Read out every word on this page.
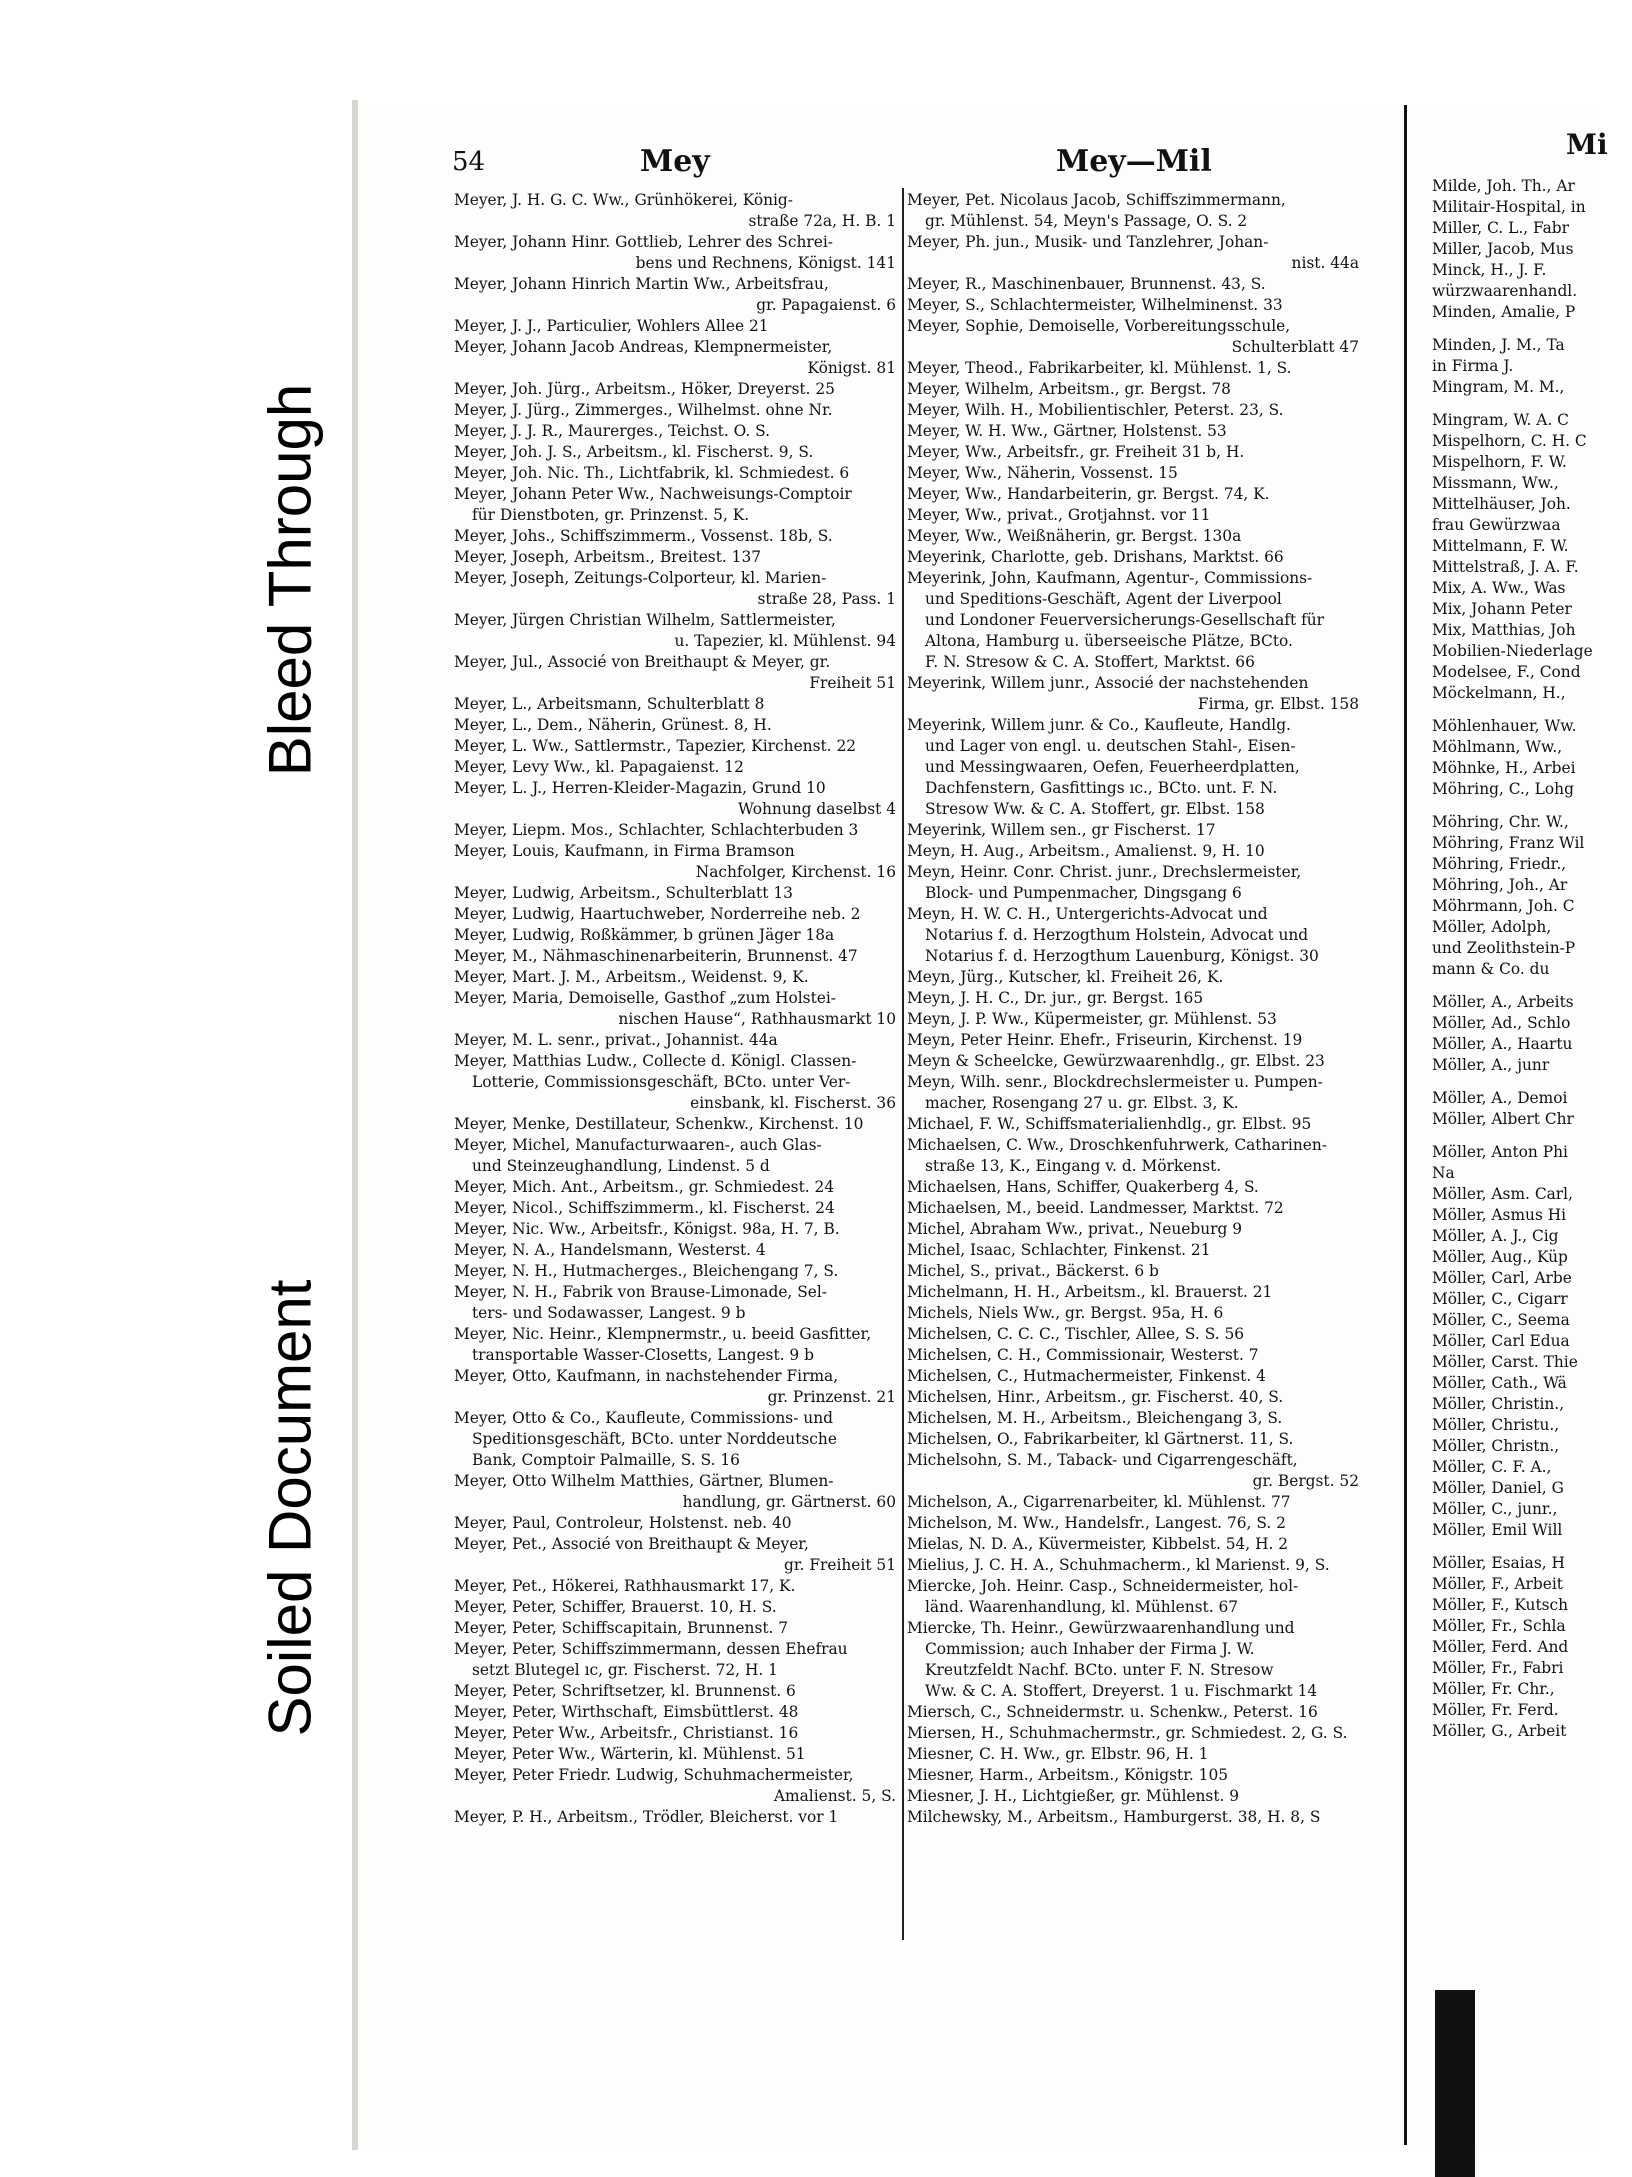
Bleed Through
Soiled Document
54	Mey	Mey—Mil	Mi
Meyer, J. H. G. C. Ww., Grünhökerei, König-
straße 72a, H. B. 1
Meyer, Johann Hinr. Gottlieb, Lehrer des Schrei-
bens und Rechnens, Königst. 141
Meyer, Johann Hinrich Martin Ww., Arbeitsfrau,
gr. Papagaienst. 6
Meyer, J. J., Particulier, Wohlers Allee 21
Meyer, Johann Jacob Andreas, Klempnermeister,
Königst. 81
Meyer, Joh. Jürg., Arbeitsm., Höker, Dreyerst. 25
Meyer, J. Jürg., Zimmerges., Wilhelmst. ohne Nr.
Meyer, J. J. R., Maurerges., Teichst. O. S.
Meyer, Joh. J. S., Arbeitsm., kl. Fischerst. 9, S.
Meyer, Joh. Nic. Th., Lichtfabrik, kl. Schmiedest. 6
Meyer, Johann Peter Ww., Nachweisungs-Comptoir
für Dienstboten, gr. Prinzenst. 5, K.
Meyer, Johs., Schiffszimmerm., Vossenst. 18b, S.
Meyer, Joseph, Arbeitsm., Breitest. 137
Meyer, Joseph, Zeitungs-Colporteur, kl. Marien-
straße 28, Pass. 1
Meyer, Jürgen Christian Wilhelm, Sattlermeister,
u. Tapezier, kl. Mühlenst. 94
Meyer, Jul., Associé von Breithaupt & Meyer, gr.
Freiheit 51
Meyer, L., Arbeitsmann, Schulterblatt 8
Meyer, L., Dem., Näherin, Grünest. 8, H.
Meyer, L. Ww., Sattlermstr., Tapezier, Kirchenst. 22
Meyer, Levy Ww., kl. Papagaienst. 12
Meyer, L. J., Herren-Kleider-Magazin, Grund 10
Wohnung daselbst 4
Meyer, Liepm. Mos., Schlachter, Schlachterbuden 3
Meyer, Louis, Kaufmann, in Firma Bramson
Nachfolger, Kirchenst. 16
Meyer, Ludwig, Arbeitsm., Schulterblatt 13
Meyer, Ludwig, Haartuchweber, Norderreihe neb. 2
Meyer, Ludwig, Roßkämmer, b grünen Jäger 18a
Meyer, M., Nähmaschinenarbeiterin, Brunnenst. 47
Meyer, Mart. J. M., Arbeitsm., Weidenst. 9, K.
Meyer, Maria, Demoiselle, Gasthof „zum Holstei-
nischen Hause“, Rathhausmarkt 10
Meyer, M. L. senr., privat., Johannist. 44a
Meyer, Matthias Ludw., Collecte d. Königl. Classen-
Lotterie, Commissionsgeschäft, BCto. unter Ver-
einsbank, kl. Fischerst. 36
Meyer, Menke, Destillateur, Schenkw., Kirchenst. 10
Meyer, Michel, Manufacturwaaren-, auch Glas-
und Steinzeughandlung, Lindenst. 5 d
Meyer, Mich. Ant., Arbeitsm., gr. Schmiedest. 24
Meyer, Nicol., Schiffszimmerm., kl. Fischerst. 24
Meyer, Nic. Ww., Arbeitsfr., Königst. 98a, H. 7, B.
Meyer, N. A., Handelsmann, Westerst. 4
Meyer, N. H., Hutmacherges., Bleichengang 7, S.
Meyer, N. H., Fabrik von Brause-Limonade, Sel-
ters- und Sodawasser, Langest. 9 b
Meyer, Nic. Heinr., Klempnermstr., u. beeid Gasfitter,
transportable Wasser-Closetts, Langest. 9 b
Meyer, Otto, Kaufmann, in nachstehender Firma,
gr. Prinzenst. 21
Meyer, Otto & Co., Kaufleute, Commissions- und
Speditionsgeschäft, BCto. unter Norddeutsche
Bank, Comptoir Palmaille, S. S. 16
Meyer, Otto Wilhelm Matthies, Gärtner, Blumen-
handlung, gr. Gärtnerst. 60
Meyer, Paul, Controleur, Holstenst. neb. 40
Meyer, Pet., Associé von Breithaupt & Meyer,
gr. Freiheit 51
Meyer, Pet., Hökerei, Rathhausmarkt 17, K.
Meyer, Peter, Schiffer, Brauerst. 10, H. S.
Meyer, Peter, Schiffscapitain, Brunnenst. 7
Meyer, Peter, Schiffszimmermann, dessen Ehefrau
setzt Blutegel ıc, gr. Fischerst. 72, H. 1
Meyer, Peter, Schriftsetzer, kl. Brunnenst. 6
Meyer, Peter, Wirthschaft, Eimsbüttlerst. 48
Meyer, Peter Ww., Arbeitsfr., Christianst. 16
Meyer, Peter Ww., Wärterin, kl. Mühlenst. 51
Meyer, Peter Friedr. Ludwig, Schuhmachermeister,
Amalienst. 5, S.
Meyer, P. H., Arbeitsm., Trödler, Bleicherst. vor 1
Meyer, Pet. Nicolaus Jacob, Schiffszimmermann,
gr. Mühlenst. 54, Meyn's Passage, O. S. 2
Meyer, Ph. jun., Musik- und Tanzlehrer, Johan-
nist. 44a
Meyer, R., Maschinenbauer, Brunnenst. 43, S.
Meyer, S., Schlachtermeister, Wilhelminenst. 33
Meyer, Sophie, Demoiselle, Vorbereitungsschule,
Schulterblatt 47
Meyer, Theod., Fabrikarbeiter, kl. Mühlenst. 1, S.
Meyer, Wilhelm, Arbeitsm., gr. Bergst. 78
Meyer, Wilh. H., Mobilientischler, Peterst. 23, S.
Meyer, W. H. Ww., Gärtner, Holstenst. 53
Meyer, Ww., Arbeitsfr., gr. Freiheit 31 b, H.
Meyer, Ww., Näherin, Vossenst. 15
Meyer, Ww., Handarbeiterin, gr. Bergst. 74, K.
Meyer, Ww., privat., Grotjahnst. vor 11
Meyer, Ww., Weißnäherin, gr. Bergst. 130a
Meyerink, Charlotte, geb. Drishans, Marktst. 66
Meyerink, John, Kaufmann, Agentur-, Commissions-
und Speditions-Geschäft, Agent der Liverpool
und Londoner Feuerversicherungs-Gesellschaft für
Altona, Hamburg u. überseeische Plätze, BCto.
F. N. Stresow & C. A. Stoffert, Marktst. 66
Meyerink, Willem junr., Associé der nachstehenden
Firma, gr. Elbst. 158
Meyerink, Willem junr. & Co., Kaufleute, Handlg.
und Lager von engl. u. deutschen Stahl-, Eisen-
und Messingwaaren, Oefen, Feuerheerdplatten,
Dachfenstern, Gasfittings ıc., BCto. unt. F. N.
Stresow Ww. & C. A. Stoffert, gr. Elbst. 158
Meyerink, Willem sen., gr Fischerst. 17
Meyn, H. Aug., Arbeitsm., Amalienst. 9, H. 10
Meyn, Heinr. Conr. Christ. junr., Drechslermeister,
Block- und Pumpenmacher, Dingsgang 6
Meyn, H. W. C. H., Untergerichts-Advocat und
Notarius f. d. Herzogthum Holstein, Advocat und
Notarius f. d. Herzogthum Lauenburg, Königst. 30
Meyn, Jürg., Kutscher, kl. Freiheit 26, K.
Meyn, J. H. C., Dr. jur., gr. Bergst. 165
Meyn, J. P. Ww., Küpermeister, gr. Mühlenst. 53
Meyn, Peter Heinr. Ehefr., Friseurin, Kirchenst. 19
Meyn & Scheelcke, Gewürzwaarenhdlg., gr. Elbst. 23
Meyn, Wilh. senr., Blockdrechslermeister u. Pumpen-
macher, Rosengang 27 u. gr. Elbst. 3, K.
Michael, F. W., Schiffsmaterialienhdlg., gr. Elbst. 95
Michaelsen, C. Ww., Droschkenfuhrwerk, Catharinen-
straße 13, K., Eingang v. d. Mörkenst.
Michaelsen, Hans, Schiffer, Quakerberg 4, S.
Michaelsen, M., beeid. Landmesser, Marktst. 72
Michel, Abraham Ww., privat., Neueburg 9
Michel, Isaac, Schlachter, Finkenst. 21
Michel, S., privat., Bäckerst. 6 b
Michelmann, H. H., Arbeitsm., kl. Brauerst. 21
Michels, Niels Ww., gr. Bergst. 95a, H. 6
Michelsen, C. C. C., Tischler, Allee, S. S. 56
Michelsen, C. H., Commissionair, Westerst. 7
Michelsen, C., Hutmachermeister, Finkenst. 4
Michelsen, Hinr., Arbeitsm., gr. Fischerst. 40, S.
Michelsen, M. H., Arbeitsm., Bleichengang 3, S.
Michelsen, O., Fabrikarbeiter, kl Gärtnerst. 11, S.
Michelsohn, S. M., Taback- und Cigarrengeschäft,
gr. Bergst. 52
Michelson, A., Cigarrenarbeiter, kl. Mühlenst. 77
Michelson, M. Ww., Handelsfr., Langest. 76, S. 2
Mielas, N. D. A., Küvermeister, Kibbelst. 54, H. 2
Mielius, J. C. H. A., Schuhmacherm., kl Marienst. 9, S.
Miercke, Joh. Heinr. Casp., Schneidermeister, hol-
länd. Waarenhandlung, kl. Mühlenst. 67
Miercke, Th. Heinr., Gewürzwaarenhandlung und
Commission; auch Inhaber der Firma J. W.
Kreutzfeldt Nachf. BCto. unter F. N. Stresow
Ww. & C. A. Stoffert, Dreyerst. 1 u. Fischmarkt 14
Miersch, C., Schneidermstr. u. Schenkw., Peterst. 16
Miersen, H., Schuhmachermstr., gr. Schmiedest. 2, G. S.
Miesner, C. H. Ww., gr. Elbstr. 96, H. 1
Miesner, Harm., Arbeitsm., Königstr. 105
Miesner, J. H., Lichtgießer, gr. Mühlenst. 9
Milchewsky, M., Arbeitsm., Hamburgerst. 38, H. 8, S
Milde, Joh. Th., Ar
Militair-Hospital, in
Miller, C. L., Fabr
Miller, Jacob, Mus
Minck, H., J. F.
würzwaarenhandl.
Minden, Amalie, P
Minden, J. M., Ta
in Firma J.
Mingram, M. M.,
Mingram, W. A. C
Mispelhorn, C. H. C
Mispelhorn, F. W.
Missmann, Ww.,
Mittelhäuser, Joh.
frau Gewürzwaa
Mittelmann, F. W.
Mittelstraß, J. A. F.
Mix, A. Ww., Was
Mix, Johann Peter
Mix, Matthias, Joh
Mobilien-Niederlage
Modelsee, F., Cond
Möckelmann, H.,
Möhlenhauer, Ww.
Möhlmann, Ww.,
Möhnke, H., Arbei
Möhring, C., Lohg
Möhring, Chr. W.,
Möhring, Franz Wil
Möhring, Friedr.,
Möhring, Joh., Ar
Möhrmann, Joh. C
Möller, Adolph,
und Zeolithstein-P
mann & Co. du
Möller, A., Arbeits
Möller, Ad., Schlo
Möller, A., Haartu
Möller, A., junr
Möller, A., Demoi
Möller, Albert Chr
Möller, Anton Phi
Na
Möller, Asm. Carl,
Möller, Asmus Hi
Möller, A. J., Cig
Möller, Aug., Küp
Möller, Carl, Arbe
Möller, C., Cigarr
Möller, C., Seema
Möller, Carl Edua
Möller, Carst. Thie
Möller, Cath., Wä
Möller, Christin.,
Möller, Christu.,
Möller, Christn.,
Möller, C. F. A.,
Möller, Daniel, G
Möller, C., junr.,
Möller, Emil Will
Möller, Esaias, H
Möller, F., Arbeit
Möller, F., Kutsch
Möller, Fr., Schla
Möller, Ferd. And
Möller, Fr., Fabri
Möller, Fr. Chr.,
Möller, Fr. Ferd.
Möller, G., Arbeit
